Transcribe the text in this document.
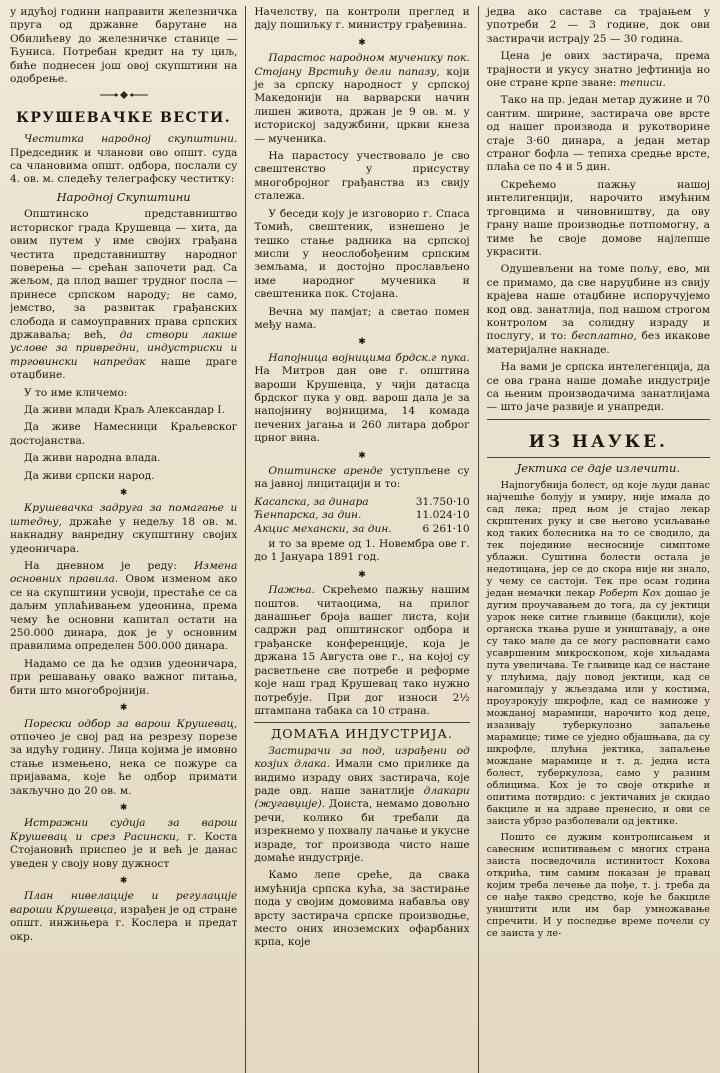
у идућој години направити железничка пруга од државне барутане на Обилићеву до железничке станице — Ћуниса. Потребан кредит на ту циљ, биће поднесен још овој скупштини на одобрење.

КРУШЕВАЧКЕ ВЕСТИ.

Честитка народној скупштини. Председник и чланови ово општ. суда са члановима општ. одбора, послали су 4. ов. м. следећу телеграфску честитку:

Народној Скупштини

Општинско представништво историског града Крушевца — хита, да овим путем у име својих грађана честита представништву народног поверења — срећан започети рад. Са жељом, да плод вашег трудног посла — принесе српском народу; не само, јемство, за развитак грађанских слобода и самоуправних права српских државаља; већ, да створи лакше услове за привредни, индустриски и трговински напредак наше драге отаџбине.

У то име кличемо:

Да живи млади Краљ Александар I.

Да живе Намесници Краљевског достојанства.

Да живи народна влада.

Да живи српски народ.

✱

Крушевачка задруга за помагање и штедњу, држаће у недељу 18 ов. м. накнадну ванредну скупштину својих удеоничара.

На дневном је реду: Измена основних правила. Овом изменом ако се на скупштини усвоји, престаће се са даљим уплаћивањем удеонина, према чему ће основни капитал остати на 250.000 динара, док је у основним правилима определен 500.000 динара.

Надамо се да ће одзив удеоничара, при решавању овако важног питања, бити што многобројнији.

✱

Порески одбор за варош Крушевац, отпочео је свој рад на резрезу порезе за идућу годину. Лица којима је имовно стање измењено, нека се пожуре са пријавама, које ће одбор примати закључно до 20 ов. м.

✱

Истражни судија за варош Крушевац и срез Расински, г. Коста Стојановић приспео је и већ је данас уведен у своју нову дужност

✱

План нивелације и регулације вароши Крушевца, израђен је од стране општ. инжињера г. Кослера и предат окр.

Начелству, па контроли преглед и дају пошиљку г. министру грађевина.

✱

Парастос народном мученику пок. Стојану Врстићу дели папазу, који је за српску народност у српској Македонији на варварски начин лишен живота, држан је 9 ов. м. у историској задужбини, цркви кнеза — мученика.

На парастосу учествовало је сво свештенство у присуству многобројног грађанства из свију сталежа.

У беседи коју је изговорио г. Спаса Томић, свештеник, изнешено је тешко стање радника на српској мисли у неослобођеним српским земљама, и достојно прослављено име народног мученика и свештеника пок. Стојана.

Вечна му памјат; а светао помен међу нама.

✱

Напојница војницима брдск.г пука. На Митров дан ове г. општина вароши Крушевца, у чији датасца брдског пука у овд. варош дала је за напојнину војницима, 14 комада печених јагања и 260 литара доброг црног вина.

✱

Општинске аренде уступљене су на јавној лицитацији и то:

Касапска, за динара	31.750·10
Ћенпарска, за дин.	11.024·10
Акцис механски, за дин.	6 261·10

и то за време од 1. Новембра ове г. до 1 Јануара 1891 год.

✱

Пажња. Скрећемо пажњу нашим поштов. читаоцима, на прилог данашњег броја вашег листа, који садржи рад општинског одбора и грађанске конференције, која је држана 15 Августа ове г., на којој су расветљене све потребе и реформе које наш град Крушевац тако нужно потребује. При дог износи 2½ штампана табака са 10 страна.

ДОМАЋА ИНДУСТРИЈА.

Застирачи за под, израђени од козјих длака. Имали смо прилике да видимо израду ових застирача, које раде овд. наше занатлије длакари (жугавџије). Доиста, немамо довољно речи, колико би требали да изрекнемо у похвалу лачање и укусне израде, тог производа чисто наше домаће индустрије.

Камо лепе среће, да свака имућнија српска кућа, за застирање пода у својим домовима набавља ову врсту застирача српске производње, место оних иноземских офарбаних крпа, које

једва ако саставе са трајањем у употреби 2 — 3 године, док ови застирачи истрају 25 — 30 година.

Цена је ових застирача, према трајности и укусу знатно јефтинија но оне стране крпе зване: теписи.

Тако на пр. један метар дужине и 70 сантим. ширине, застирача ове врсте од нашег производа и рукотворине стаје 3·60 динара, а један метар страног бофла — тепиха средње врсте, плаћа се по 4 и 5 дин.

Скрећемо пажњу нашој интелигенцији, нарочито имућним трговцима и чиновништву, да ову грану наше производње потпомогну, а тиме ће своје домове најлепше украсити.

Одушевљени на томе пољу, ево, ми се примамо, да све наруџбине из свију крајева наше отаџбине испоручујемо код овд. занатлија, под нашом строгом контролом за солидну израду и послугу, и то: бесплатно, без икакове материјалне накнаде.

На вами је српска интелегенција, да се ова грана наше домаће индустрије са њеним производачима занатлијама — што јаче развије и унапреди.

ИЗ НАУКЕ.
Јектика се даје излечити.

Најпогубнија болест, од које људи данас најчешће болују и умиру, није имала до сад лека; пред њом је стајао лекар скрштених руку и све његово усиљавање код таких болесника на то се сводило, да тек појединие несносније симптоме ублажи. Суштина болести остала је недотицана, јер се до скора није ни знало, у чему се састоји. Тек пре осам година један немачки лекар Роберт Кох дошао је дугим проучавањем до тога, да су јектици узрок неке ситне гљивице (бакцили), које органска ткања руше и уништавају, а оне су тако мале да се могу расповнати само усавршеним микроскопом, које хиљадама пута увеличава. Те гљивице кад се настане у плућима, дају повод јектици, кад се нагомилају у жљездама или у костима, проузрокују шкрофле, кад се намноже у можданој марамици, нарочито код деце, изазивају туберкулозно запаљење марамице; тиме се уједно објашњава, да су шкрофле, плућна јектика, запаљење мождане марамице и т. д. једна иста болест, туберкулоза, само у разним облицима. Кох је то своје откриће и опитима потврдио: с јектичавих је скидао бакциле и на здраве пренесио, и ови се заиста убрзо разболевали од јектике.

Пошто се дужим контролисањем и савесним испитивањем с многих страна заиста посведочила истинитост Кохова открића, тим самим показан је правац којим треба лечење да пође, т. ј. треба да се нађе такво средство, које ће бакциле уништити или им бар умножавање спречити. И у последње време почели су се заиста у ле-
